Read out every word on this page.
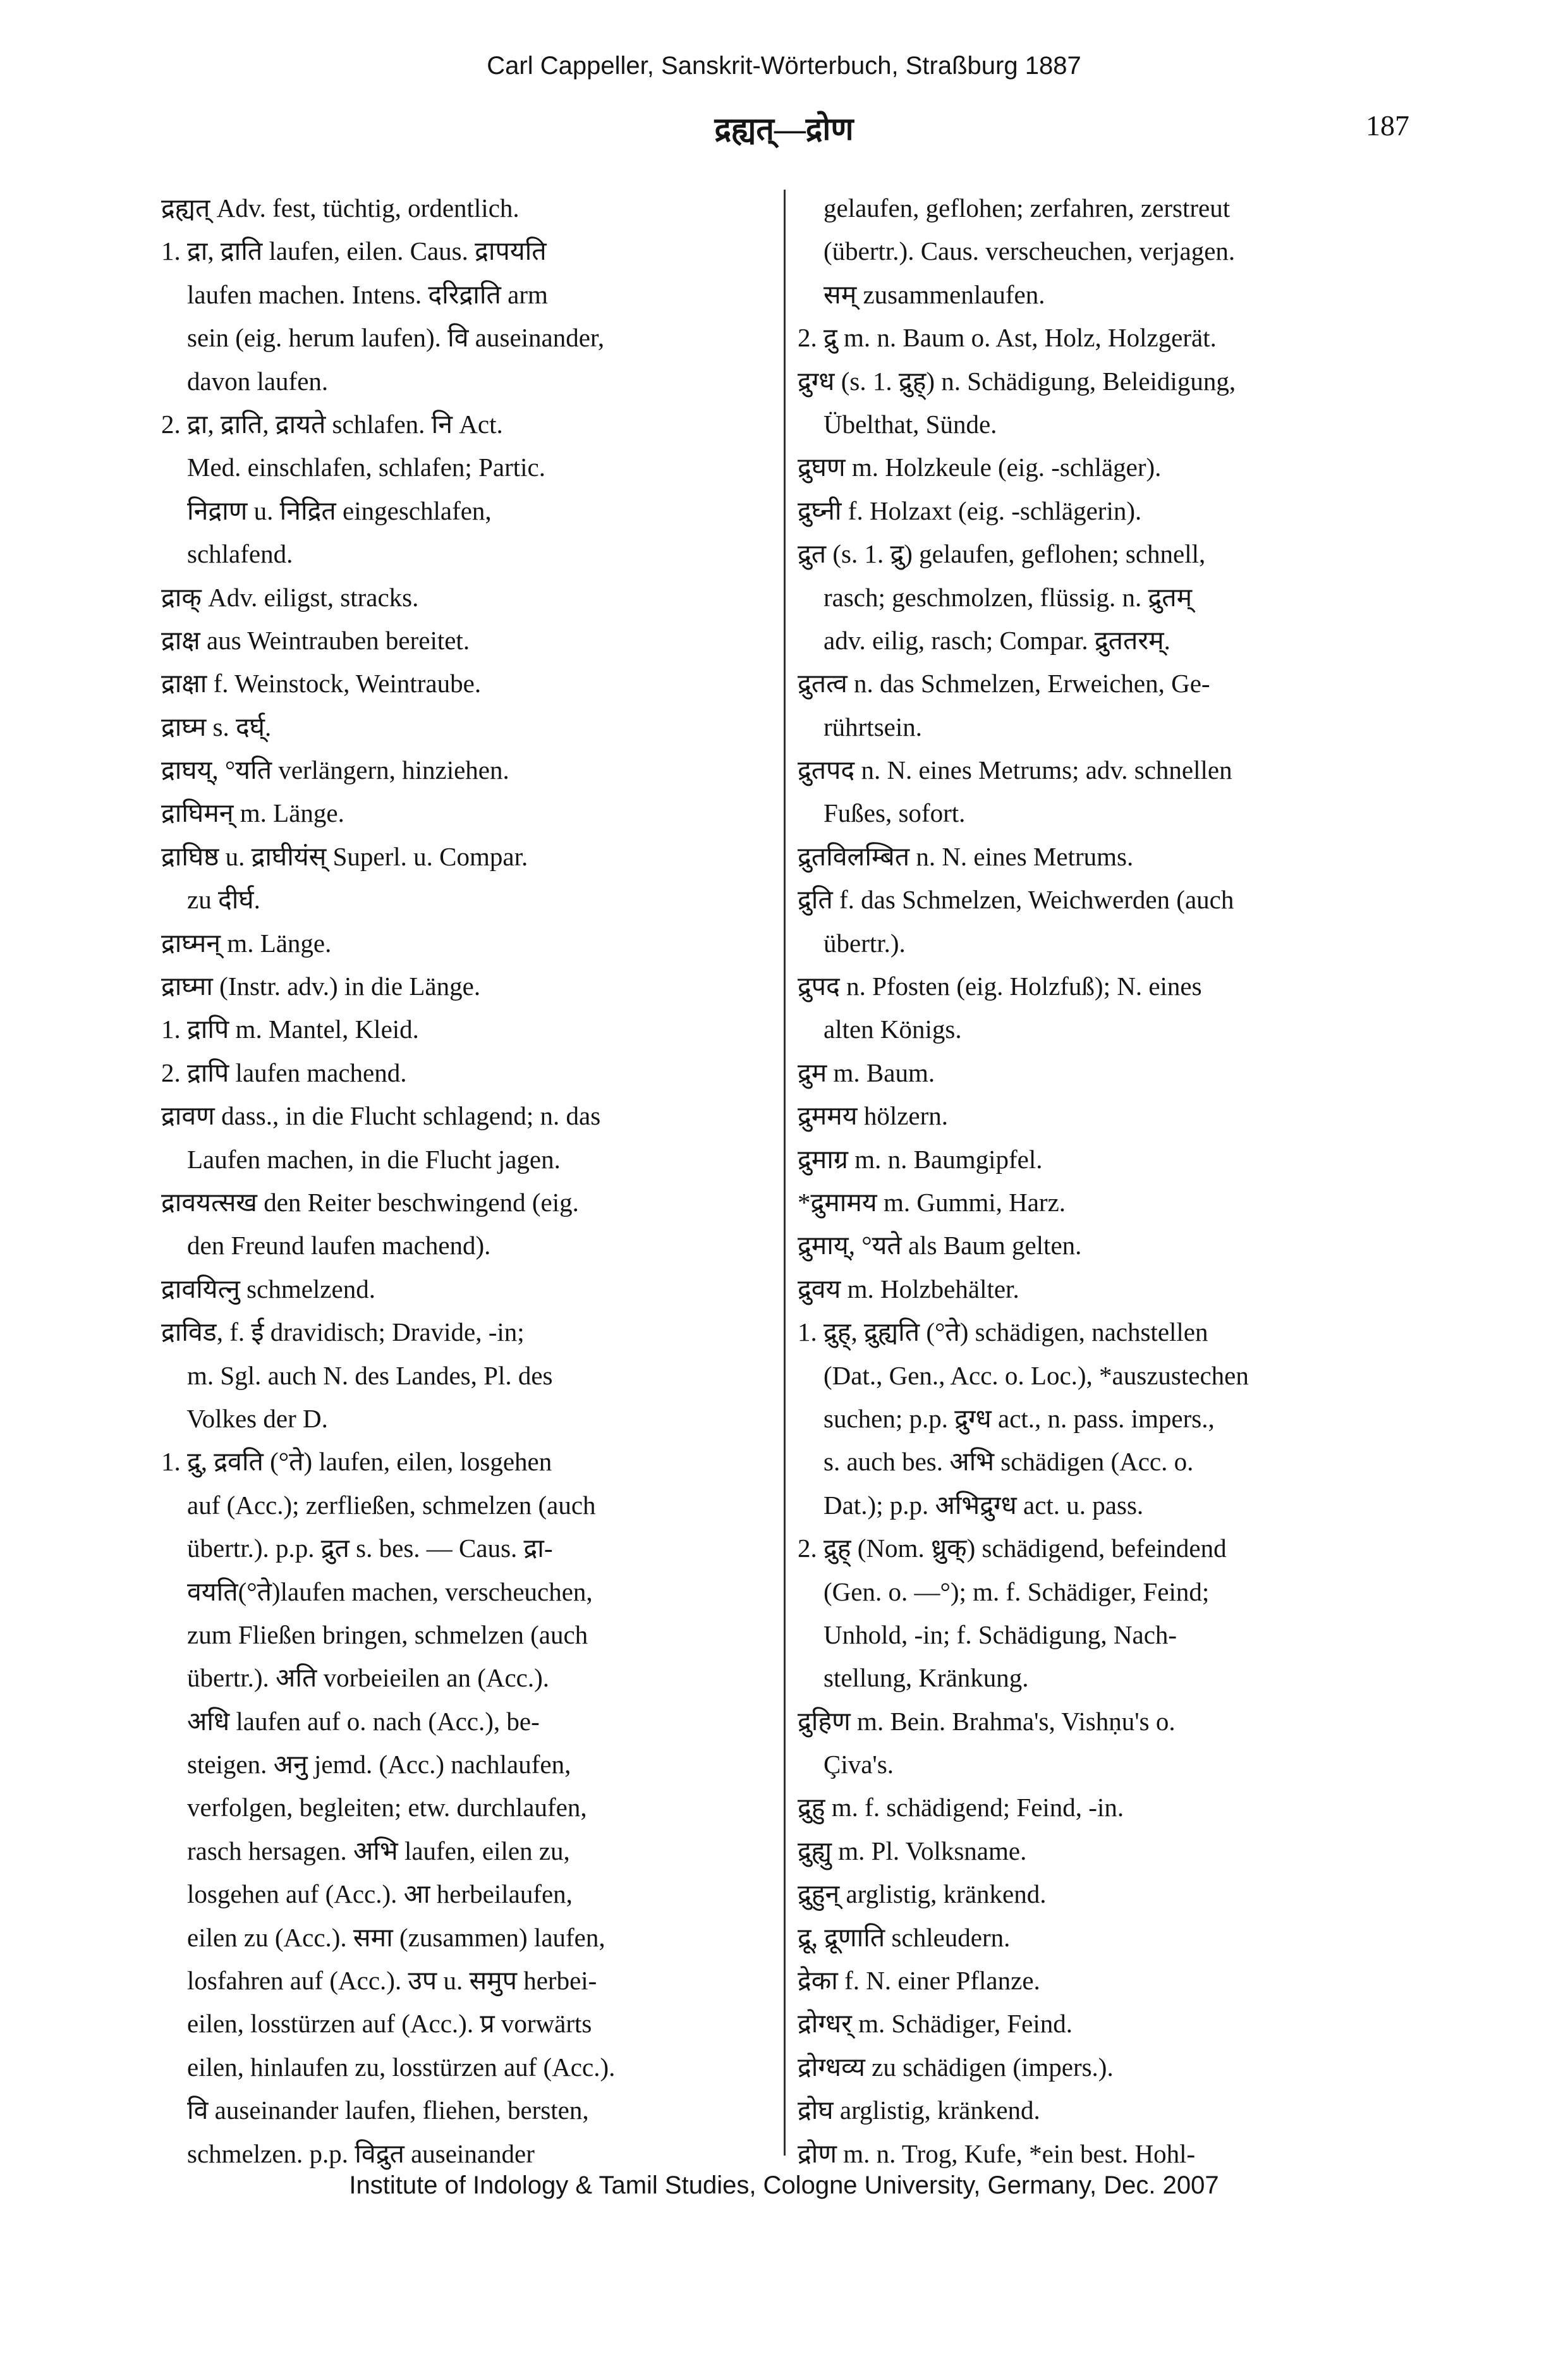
Carl Cappeller, Sanskrit-Wörterbuch, Straßburg 1887
द्रह्यत्—द्रोण	187
द्रह्यत् Adv. fest, tüchtig, ordentlich.
1. द्रा, द्राति laufen, eilen. Caus. द्रापयति
laufen machen. Intens. दरिद्राति arm
sein (eig. herum laufen). वि auseinander,
davon laufen.
2. द्रा, द्राति, द्रायते schlafen. नि Act.
Med. einschlafen, schlafen; Partic.
निद्राण u. निद्रित eingeschlafen,
schlafend.
द्राक् Adv. eiligst, stracks.
द्राक्ष aus Weintrauben bereitet.
द्राक्षा f. Weinstock, Weintraube.
द्राघ्म s. दर्घ्.
द्राघय्, °यति verlängern, hinziehen.
द्राघिमन् m. Länge.
द्राघिष्ठ u. द्राघीयंस् Superl. u. Compar.
zu दीर्घ.
द्राघ्मन् m. Länge.
द्राघ्मा (Instr. adv.) in die Länge.
1. द्रापि m. Mantel, Kleid.
2. द्रापि laufen machend.
द्रावण dass., in die Flucht schlagend; n. das
Laufen machen, in die Flucht jagen.
द्रावयत्सख den Reiter beschwingend (eig.
den Freund laufen machend).
द्रावयित्नु schmelzend.
द्राविड, f. ई dravidisch; Dravide, -in;
m. Sgl. auch N. des Landes, Pl. des
Volkes der D.
1. द्रु, द्रवति (°ते) laufen, eilen, losgehen
auf (Acc.); zerfließen, schmelzen (auch
übertr.). p.p. द्रुत s. bes. — Caus. द्रा-
वयति(°ते)laufen machen, verscheuchen,
zum Fließen bringen, schmelzen (auch
übertr.). अति vorbeieilen an (Acc.).
अधि laufen auf o. nach (Acc.), be-
steigen. अनु jemd. (Acc.) nachlaufen,
verfolgen, begleiten; etw. durchlaufen,
rasch hersagen. अभि laufen, eilen zu,
losgehen auf (Acc.). आ herbeilaufen,
eilen zu (Acc.). समा (zusammen) laufen,
losfahren auf (Acc.). उप u. समुप herbei-
eilen, losstürzen auf (Acc.). प्र vorwärts
eilen, hinlaufen zu, losstürzen auf (Acc.).
वि auseinander laufen, fliehen, bersten,
schmelzen. p.p. विद्रुत auseinander
gelaufen, geflohen; zerfahren, zerstreut
(übertr.). Caus. verscheuchen, verjagen.
सम् zusammenlaufen.
2. द्रु m. n. Baum o. Ast, Holz, Holzgerät.
द्रुग्ध (s. 1. द्रुह्) n. Schädigung, Beleidigung,
Übelthat, Sünde.
द्रुघण m. Holzkeule (eig. -schläger).
द्रुघ्नी f. Holzaxt (eig. -schlägerin).
द्रुत (s. 1. द्रु) gelaufen, geflohen; schnell,
rasch; geschmolzen, flüssig. n. द्रुतम्
adv. eilig, rasch; Compar. द्रुततरम्.
द्रुतत्व n. das Schmelzen, Erweichen, Ge-
rührtsein.
द्रुतपद n. N. eines Metrums; adv. schnellen
Fußes, sofort.
द्रुतविलम्बित n. N. eines Metrums.
द्रुति f. das Schmelzen, Weichwerden (auch
übertr.).
द्रुपद n. Pfosten (eig. Holzfuß); N. eines
alten Königs.
द्रुम m. Baum.
द्रुममय hölzern.
द्रुमाग्र m. n. Baumgipfel.
*द्रुमामय m. Gummi, Harz.
द्रुमाय्, °यते als Baum gelten.
द्रुवय m. Holzbehälter.
1. द्रुह्, द्रुह्यति (°ते) schädigen, nachstellen
(Dat., Gen., Acc. o. Loc.), *auszustechen
suchen; p.p. द्रुग्ध act., n. pass. impers.,
s. auch bes. अभि schädigen (Acc. o.
Dat.); p.p. अभिद्रुग्ध act. u. pass.
2. द्रुह् (Nom. ध्रुक्) schädigend, befeindend
(Gen. o. —°); m. f. Schädiger, Feind;
Unhold, -in; f. Schädigung, Nach-
stellung, Kränkung.
द्रुहिण m. Bein. Brahma's, Vishṇu's o.
Çiva's.
द्रुहु m. f. schädigend; Feind, -in.
द्रुह्यु m. Pl. Volksname.
द्रुहुन् arglistig, kränkend.
द्रू, द्रूणाति schleudern.
द्रेका f. N. einer Pflanze.
द्रोग्धर् m. Schädiger, Feind.
द्रोग्धव्य zu schädigen (impers.).
द्रोघ arglistig, kränkend.
द्रोण m. n. Trog, Kufe, *ein best. Hohl-
Institute of Indology & Tamil Studies, Cologne University, Germany, Dec. 2007
